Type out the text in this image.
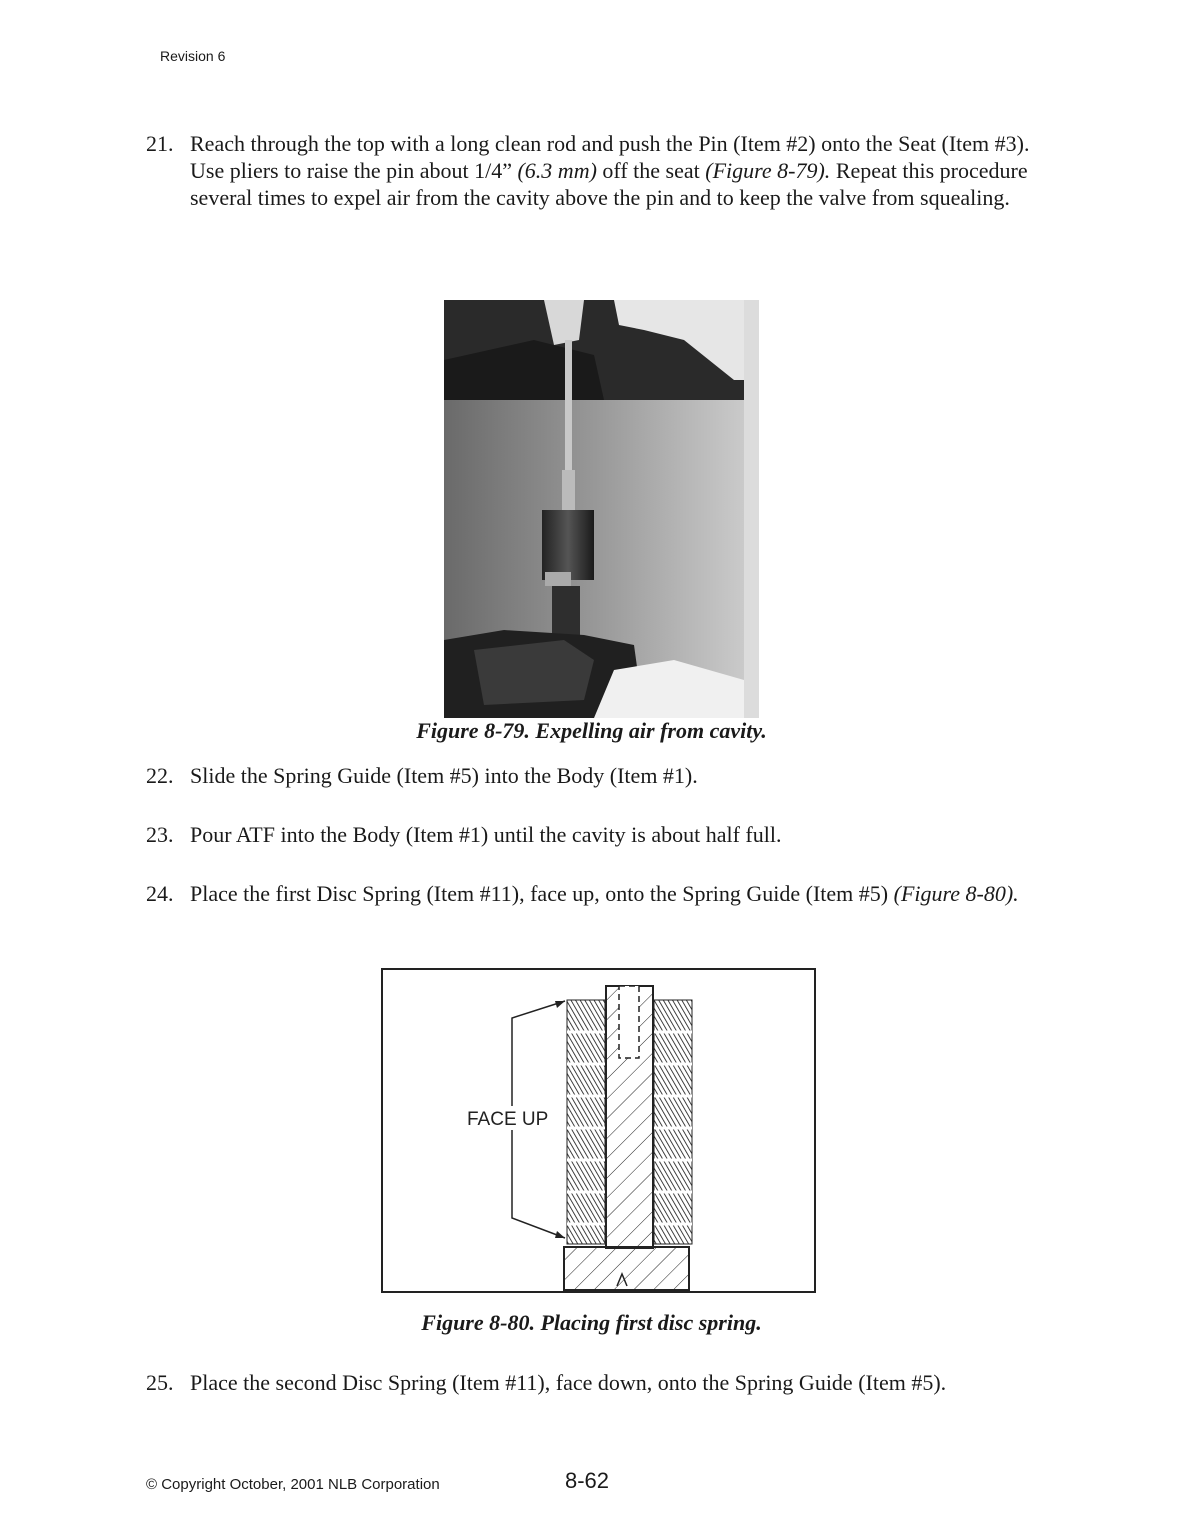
Revision 6
21. Reach through the top with a long clean rod and push the Pin (Item #2) onto the Seat (Item #3). Use pliers to raise the pin about 1/4” (6.3 mm) off the seat (Figure 8-79). Repeat this procedure several times to expel air from the cavity above the pin and to keep the valve from squealing.
Figure 8-79. Expelling air from cavity.
22. Slide the Spring Guide (Item #5) into the Body (Item #1).
23. Pour ATF into the Body (Item #1) until the cavity is about half full.
24. Place the first Disc Spring (Item #11), face up, onto the Spring Guide (Item #5) (Figure 8-80).
FACE UP
Figure 8-80. Placing first disc spring.
25. Place the second Disc Spring (Item #11), face down, onto the Spring Guide (Item #5).
© Copyright October, 2001 NLB Corporation	8-62
